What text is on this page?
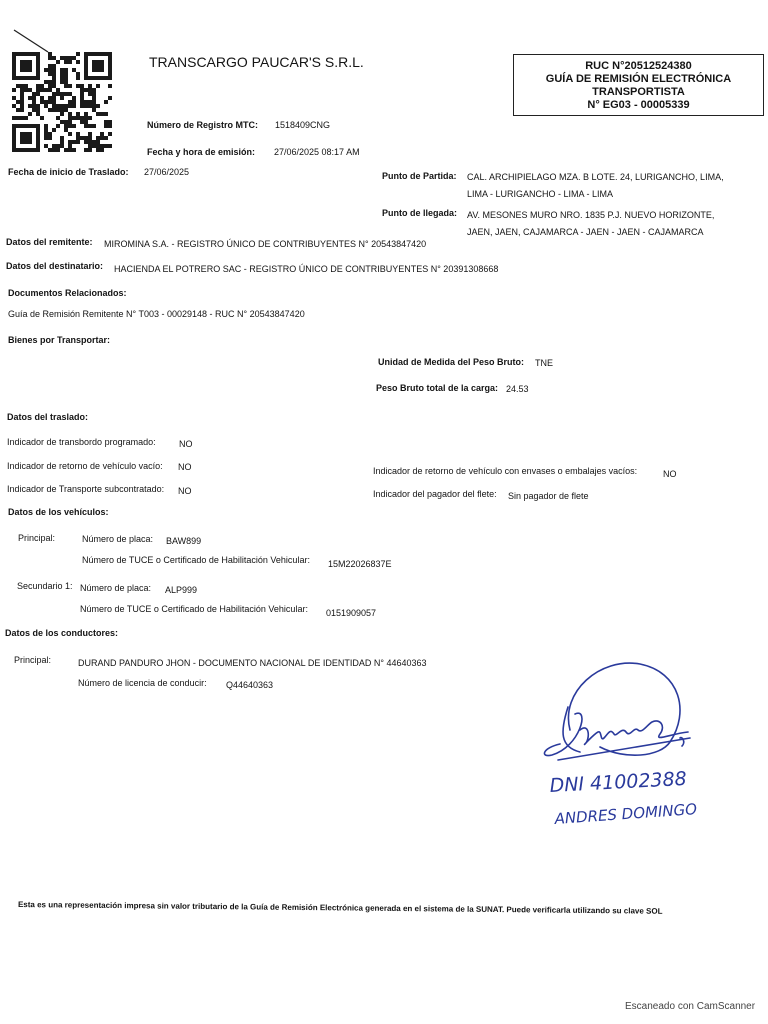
TRANSCARGO PAUCAR'S S.R.L.	RUC N°20512524380
GUÍA DE REMISIÓN ELECTRÓNICA
TRANSPORTISTA
N° EG03 - 00005339
Número de Registro MTC: 1518409CNG
Fecha y hora de emisión: 27/06/2025 08:17 AM
Fecha de inicio de Traslado: 27/06/2025	Punto de Partida: CAL. ARCHIPIELAGO MZA. B LOTE. 24, LURIGANCHO, LIMA,
LIMA - LURIGANCHO - LIMA - LIMA
Punto de llegada: AV. MESONES MURO NRO. 1835 P.J. NUEVO HORIZONTE,
JAEN, JAEN, CAJAMARCA - JAEN - JAEN - CAJAMARCA
Datos del remitente: MIROMINA S.A. - REGISTRO ÚNICO DE CONTRIBUYENTES N° 20543847420
Datos del destinatario: HACIENDA EL POTRERO SAC - REGISTRO ÚNICO DE CONTRIBUYENTES N° 20391308668
Documentos Relacionados:
Guía de Remisión Remitente N° T003 - 00029148 - RUC N° 20543847420
Bienes por Transportar:
Unidad de Medida del Peso Bruto: TNE
Peso Bruto total de la carga: 24.53
Datos del traslado:
Indicador de transbordo programado:	NO
Indicador de retorno de vehículo vacío: NO
Indicador de Transporte subcontratado: NO
Indicador de retorno de vehículo con envases o embalajes vacíos:	NO
Indicador del pagador del flete: Sin pagador de flete
Datos de los vehículos:
Principal:	Número de placa: BAW899
Número de TUCE o Certificado de Habilitación Vehicular: 15M22026837E
Secundario 1: Número de placa: ALP999
Número de TUCE o Certificado de Habilitación Vehicular: 0151909057
Datos de los conductores:
Principal:	DURAND PANDURO JHON - DOCUMENTO NACIONAL DE IDENTIDAD N° 44640363
Número de licencia de conducir: Q44640363
DNI 41002388
ANDRES DOMINGO
Esta es una representación impresa sin valor tributario de la Guía de Remisión Electrónica generada en el sistema de la SUNAT. Puede verificarla utilizando su clave SOL
Escaneado con CamScanner
